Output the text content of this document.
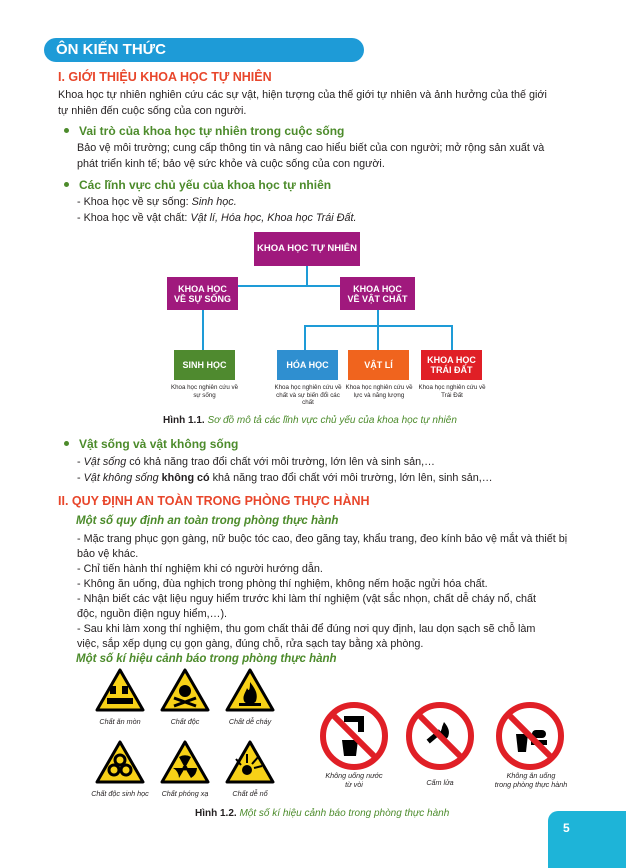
ÔN KIẾN THỨC
I. GIỚI THIỆU KHOA HỌC TỰ NHIÊN
Khoa học tự nhiên nghiên cứu các sự vật, hiện tượng của thế giới tự nhiên và ảnh hưởng của thế giới
tự nhiên đến cuộc sống của con người.
Vai trò của khoa học tự nhiên trong cuộc sống
Bảo vệ môi trường; cung cấp thông tin và nâng cao hiểu biết của con người; mở rộng sản xuất và
phát triển kinh tế; bảo vệ sức khỏe và cuộc sống của con người.
Các lĩnh vực chủ yếu của khoa học tự nhiên
- Khoa học về sự sống: Sinh học.
- Khoa học về vật chất: Vật lí, Hóa học, Khoa học Trái Đất.
KHOA HỌC TỰ NHIÊN
KHOA HỌC
VỀ SỰ SỐNG
KHOA HỌC
VỀ VẬT CHẤT
SINH HỌC	HÓA HỌC	VẬT LÍ	KHOA HỌC
TRÁI ĐẤT
Khoa học nghiên cứu về sự sống
Khoa học nghiên cứu về chất và sự biến đổi các chất
Khoa học nghiên cứu về lực và năng lượng
Khoa học nghiên cứu về Trái Đất
Hình 1.1. Sơ đồ mô tả các lĩnh vực chủ yếu của khoa học tự nhiên
Vật sống và vật không sống
- Vật sống có khả năng trao đổi chất với môi trường, lớn lên và sinh sản,…
- Vật không sống không có khả năng trao đổi chất với môi trường, lớn lên, sinh sản,…
II. QUY ĐỊNH AN TOÀN TRONG PHÒNG THỰC HÀNH
Một số quy định an toàn trong phòng thực hành
- Mặc trang phục gọn gàng, nữ buộc tóc cao, đeo găng tay, khẩu trang, đeo kính bảo vệ mắt và thiết bị
bảo vệ khác.
- Chỉ tiến hành thí nghiệm khi có người hướng dẫn.
- Không ăn uống, đùa nghịch trong phòng thí nghiệm, không nếm hoặc ngửi hóa chất.
- Nhận biết các vật liệu nguy hiểm trước khi làm thí nghiệm (vật sắc nhọn, chất dễ cháy nổ, chất
độc, nguồn điện nguy hiểm,…).
- Sau khi làm xong thí nghiệm, thu gom chất thải để đúng nơi quy định, lau dọn sạch sẽ chỗ làm
việc, sắp xếp dụng cụ gọn gàng, đúng chỗ, rửa sạch tay bằng xà phòng.
Một số kí hiệu cảnh báo trong phòng thực hành
Chất ăn mòn	Chất độc	Chất dễ cháy
Chất độc sinh học	Chất phóng xạ	Chất dễ nổ
Không uống nước
từ vòi	Cấm lửa
Không ăn uống
trong phòng thực hành
Hình 1.2. Một số kí hiệu cảnh báo trong phòng thực hành
5
